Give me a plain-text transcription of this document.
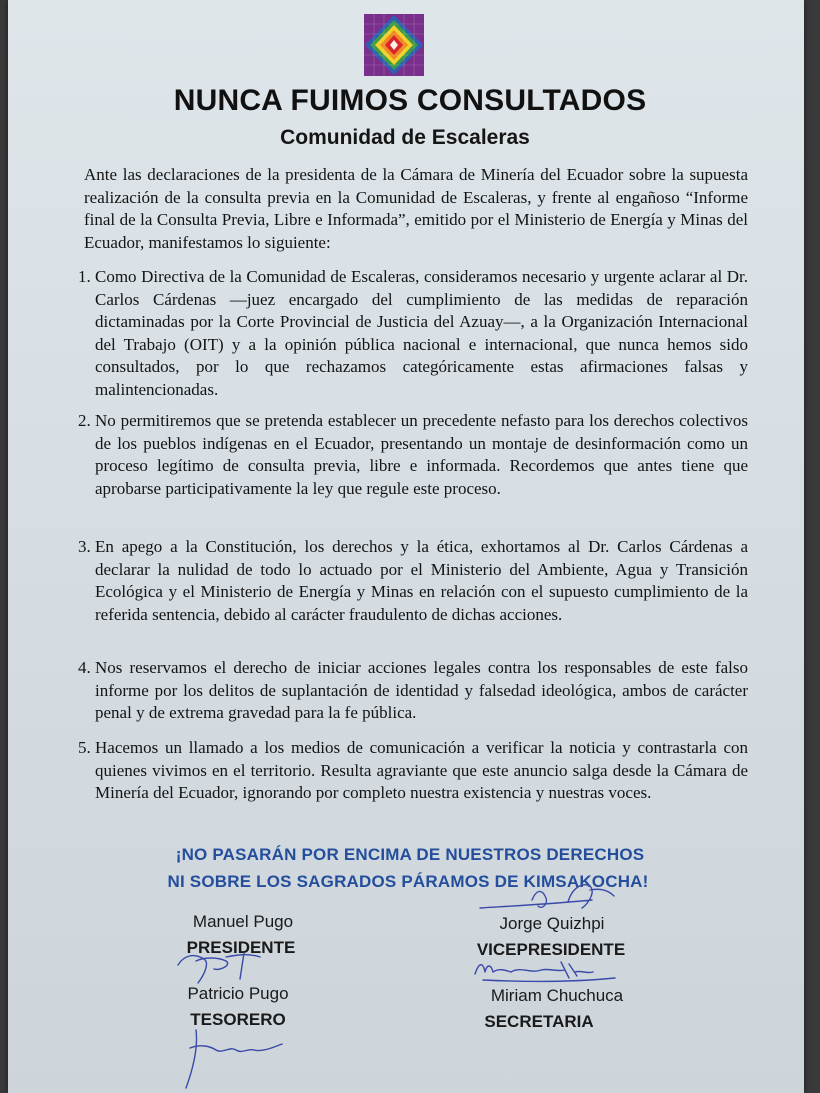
NUNCA FUIMOS CONSULTADOS
Comunidad de Escaleras

Ante las declaraciones de la presidenta de la Cámara de Minería del Ecuador sobre la supuesta realización de la consulta previa en la Comunidad de Escaleras, y frente al engañoso “Informe final de la Consulta Previa, Libre e Informada”, emitido por el Ministerio de Energía y Minas del Ecuador, manifestamos lo siguiente:

1. Como Directiva de la Comunidad de Escaleras, consideramos necesario y urgente aclarar al Dr. Carlos Cárdenas —juez encargado del cumplimiento de las medidas de reparación dictaminadas por la Corte Provincial de Justicia del Azuay—, a la Organización Internacional del Trabajo (OIT) y a la opinión pública nacional e internacional, que nunca hemos sido consultados, por lo que rechazamos categóricamente estas afirmaciones falsas y malintencionadas.

2. No permitiremos que se pretenda establecer un precedente nefasto para los derechos colectivos de los pueblos indígenas en el Ecuador, presentando un montaje de desinformación como un proceso legítimo de consulta previa, libre e informada. Recordemos que antes tiene que aprobarse participativamente la ley que regule este proceso.

3. En apego a la Constitución, los derechos y la ética, exhortamos al Dr. Carlos Cárdenas a declarar la nulidad de todo lo actuado por el Ministerio del Ambiente, Agua y Transición Ecológica y el Ministerio de Energía y Minas en relación con el supuesto cumplimiento de la referida sentencia, debido al carácter fraudulento de dichas acciones.

4. Nos reservamos el derecho de iniciar acciones legales contra los responsables de este falso informe por los delitos de suplantación de identidad y falsedad ideológica, ambos de carácter penal y de extrema gravedad para la fe pública.

5. Hacemos un llamado a los medios de comunicación a verificar la noticia y contrastarla con quienes vivimos en el territorio. Resulta agraviante que este anuncio salga desde la Cámara de Minería del Ecuador, ignorando por completo nuestra existencia y nuestras voces.

¡NO PASARÁN POR ENCIMA DE NUESTROS DERECHOS
NI SOBRE LOS SAGRADOS PÁRAMOS DE KIMSAKOCHA!
Manuel Pugo
PRESIDENTE
Jorge Quizhpi
VICEPRESIDENTE
Patricio Pugo
TESORERO
Miriam Chuchuca
SECRETARIA
